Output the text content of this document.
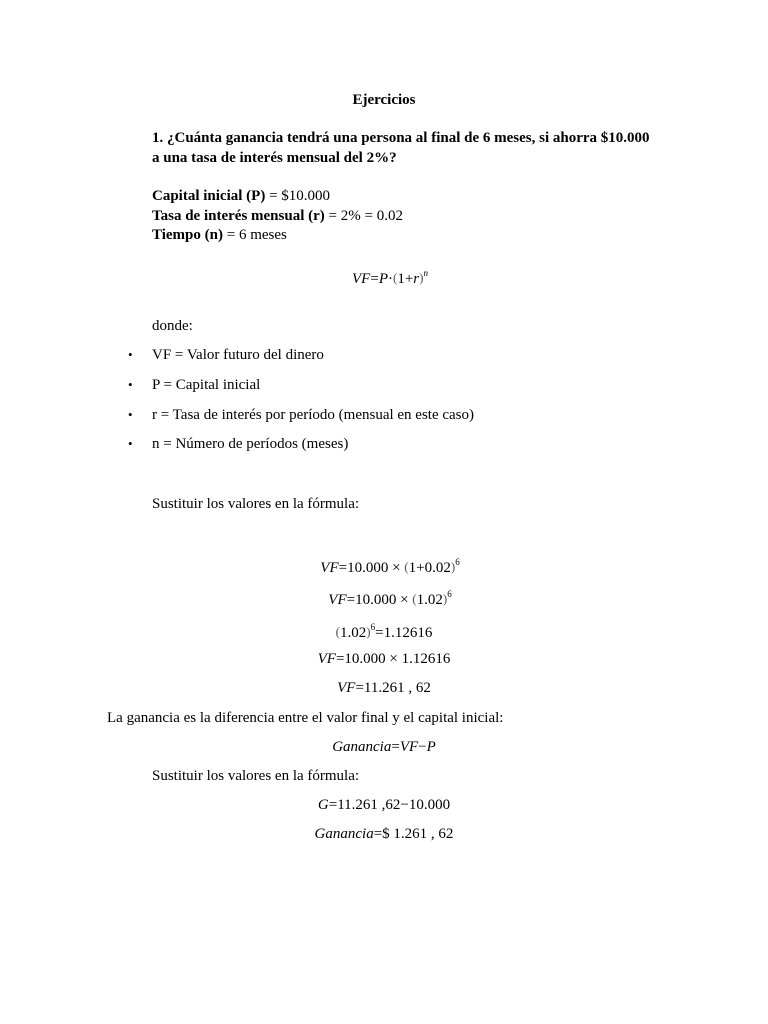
Ejercicios
1. ¿Cuánta ganancia tendrá una persona al final de 6 meses, si ahorra $10.000
a una tasa de interés mensual del 2%?
Capital inicial (P) = $10.000
Tasa de interés mensual (r) = 2% = 0.02
Tiempo (n) = 6 meses
$VF=P\cdot(1+r)^n$
donde:
• VF = Valor futuro del dinero
• P = Capital inicial
• r = Tasa de interés por período (mensual en este caso)
• n = Número de períodos (meses)
Sustituir los valores en la fórmula:
$VF=10.000 \times (1+0.02)^6$
$VF=10.000 \times (1.02)^6$
$(1.02)^6=1.12616$
VF=10.000 × 1.12616
VF=11.261 , 62
La ganancia es la diferencia entre el valor final y el capital inicial:
Ganancia=VF−P
Sustituir los valores en la fórmula:
G=11.261 ,62−10.000
Ganancia=$ 1.261 , 62
